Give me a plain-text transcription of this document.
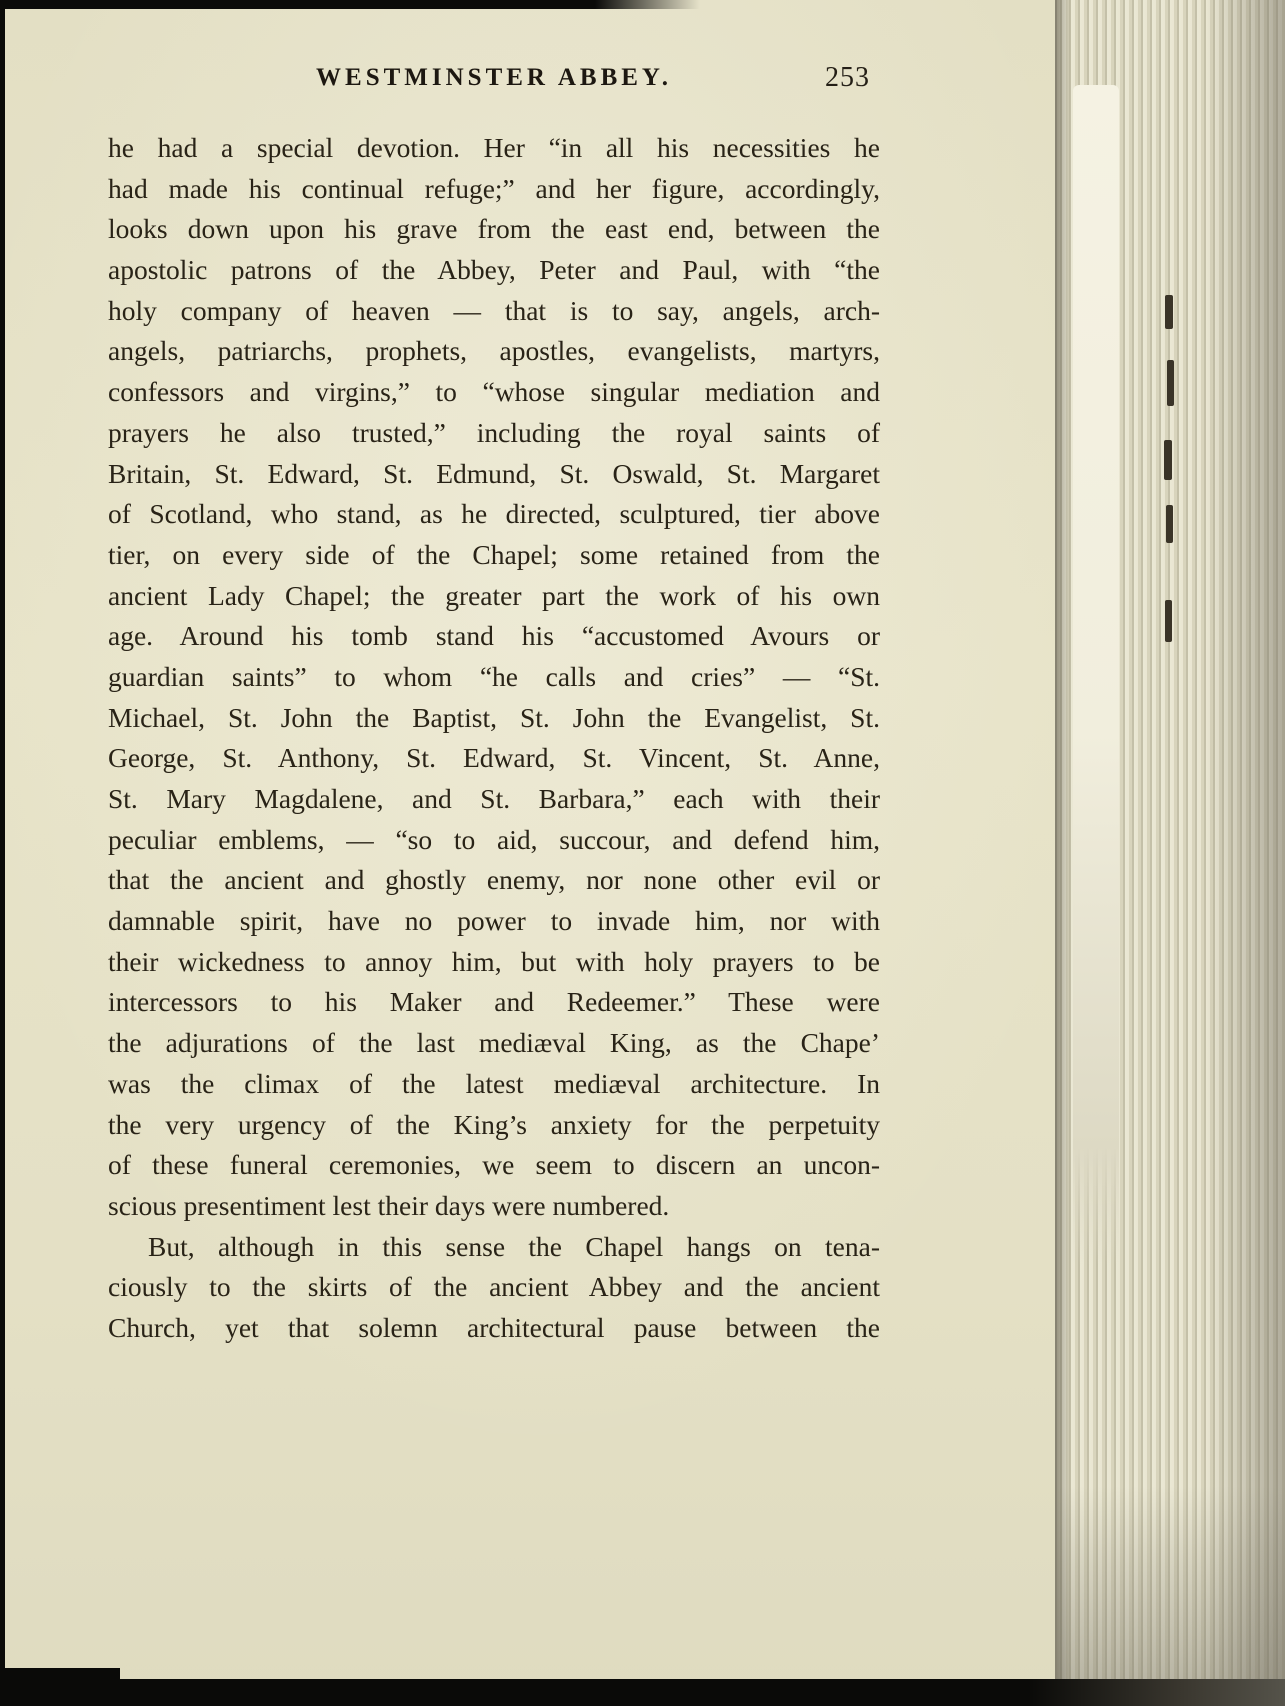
WESTMINSTER ABBEY.	253
he had a special devotion. Her “in all his necessities he
had made his continual refuge;” and her figure, accordingly,
looks down upon his grave from the east end, between the
apostolic patrons of the Abbey, Peter and Paul, with “the
holy company of heaven — that is to say, angels, arch-
angels, patriarchs, prophets, apostles, evangelists, martyrs,
confessors and virgins,” to “whose singular mediation and
prayers he also trusted,” including the royal saints of
Britain, St. Edward, St. Edmund, St. Oswald, St. Margaret
of Scotland, who stand, as he directed, sculptured, tier above
tier, on every side of the Chapel; some retained from the
ancient Lady Chapel; the greater part the work of his own
age. Around his tomb stand his “accustomed Avours or
guardian saints” to whom “he calls and cries” — “St.
Michael, St. John the Baptist, St. John the Evangelist, St.
George, St. Anthony, St. Edward, St. Vincent, St. Anne,
St. Mary Magdalene, and St. Barbara,” each with their
peculiar emblems, — “so to aid, succour, and defend him,
that the ancient and ghostly enemy, nor none other evil or
damnable spirit, have no power to invade him, nor with
their wickedness to annoy him, but with holy prayers to be
intercessors to his Maker and Redeemer.” These were
the adjurations of the last mediæval King, as the Chape’
was the climax of the latest mediæval architecture. In
the very urgency of the King’s anxiety for the perpetuity
of these funeral ceremonies, we seem to discern an uncon-
scious presentiment lest their days were numbered.
But, although in this sense the Chapel hangs on tena-
ciously to the skirts of the ancient Abbey and the ancient
Church, yet that solemn architectural pause between the
